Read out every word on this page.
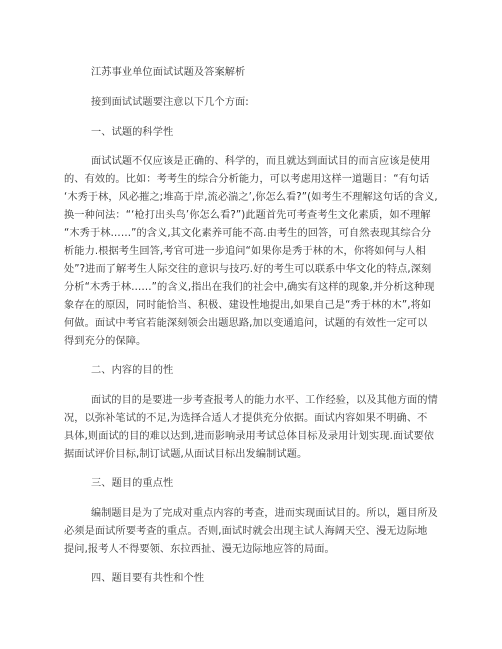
江苏事业单位面试试题及答案解析
接到面试试题要注意以下几个方面:
一、试题的科学性
面试试题不仅应该是正确的、科学的，而且就达到面试目的而言应该是使用
的、有效的。比如：考考生的综合分析能力，可以考虑用这样一道题目：“有句话
‘木秀于林，风必摧之;堆高于岸,流必湍之’,你怎么看?”(如考生不理解这句话的含义,
换一种问法：“‘枪打出头鸟’你怎么看?”)此题首先可考查考生文化素质，如不理解
“木秀于林……”的含义,其文化素养可能不高.由考生的回答，可自然表现其综合分
析能力.根据考生回答,考官可进一步追问“如果你是秀于林的木，你将如何与人相
处”?进而了解考生人际交往的意识与技巧.好的考生可以联系中华文化的特点,深刻
分析“木秀于林……”的含义,指出在我们的社会中,确实有这样的现象,并分析这种现
象存在的原因，同时能恰当、积极、建设性地提出,如果自己是“秀于林的木”,将如
何做。面试中考官若能深刻领会出题思路,加以变通追问，试题的有效性一定可以
得到充分的保障。
二、内容的目的性
面试的目的是要进一步考查报考人的能力水平、工作经验，以及其他方面的情
况，以弥补笔试的不足,为选择合适人才提供充分依据。面试内容如果不明确、不
具体,则面试的目的难以达到,进而影响录用考试总体目标及录用计划实现.面试要依
据面试评价目标,制订试题,从面试目标出发编制试题。
三、题目的重点性
编制题目是为了完成对重点内容的考查，进而实现面试目的。所以，题目所及
必须是面试所要考查的重点。否则,面试时就会出现主试人海阔天空、漫无边际地
提问,报考人不得要领、东拉西扯、漫无边际地应答的局面。
四、题目要有共性和个性
